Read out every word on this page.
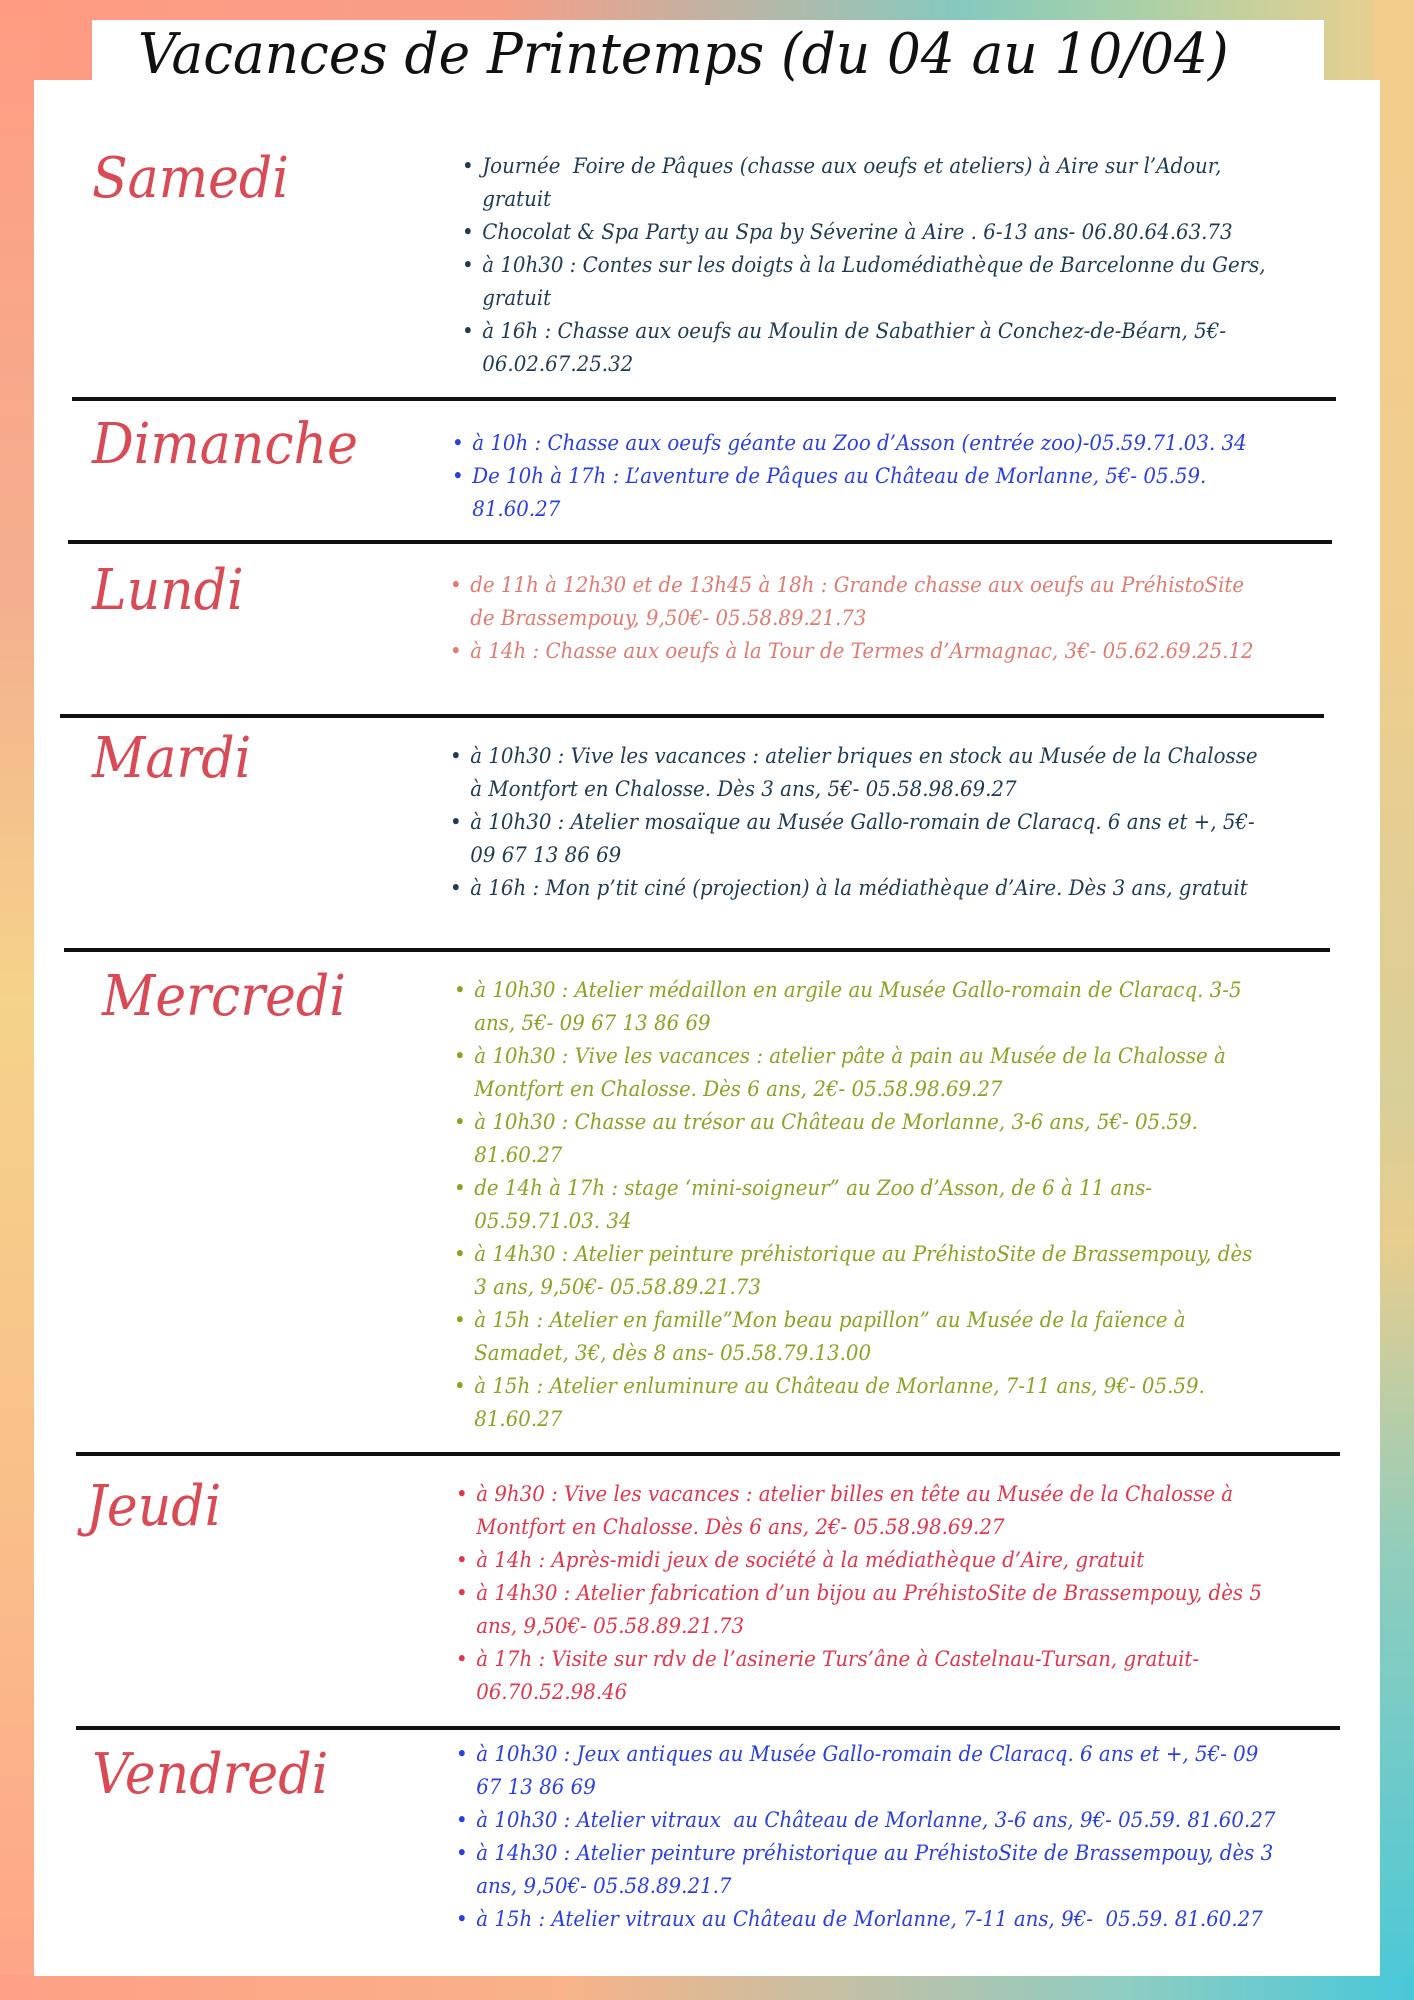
Vacances de Printemps (du 04 au 10/04)
Samedi	• Journée  Foire de Pâques (chasse aux oeufs et ateliers) à Aire sur l’Adour, gratuit
• Chocolat & Spa Party au Spa by Séverine à Aire . 6-13 ans- 06.80.64.63.73
• à 10h30 : Contes sur les doigts à la Ludomédiathèque de Barcelonne du Gers, gratuit
• à 16h : Chasse aux oeufs au Moulin de Sabathier à Conchez-de-Béarn, 5€- 06.02.67.25.32
Dimanche	• à 10h : Chasse aux oeufs géante au Zoo d’Asson (entrée zoo)-05.59.71.03. 34
• De 10h à 17h : L’aventure de Pâques au Château de Morlanne, 5€- 05.59. 81.60.27
Lundi	• de 11h à 12h30 et de 13h45 à 18h : Grande chasse aux oeufs au PréhistoSite de Brassempouy, 9,50€- 05.58.89.21.73
• à 14h : Chasse aux oeufs à la Tour de Termes d’Armagnac, 3€- 05.62.69.25.12
Mardi	• à 10h30 : Vive les vacances : atelier briques en stock au Musée de la Chalosse à Montfort en Chalosse. Dès 3 ans, 5€- 05.58.98.69.27
• à 10h30 : Atelier mosaïque au Musée Gallo-romain de Claracq. 6 ans et +, 5€- 09 67 13 86 69
• à 16h : Mon p’tit ciné (projection) à la médiathèque d’Aire. Dès 3 ans, gratuit
Mercredi	• à 10h30 : Atelier médaillon en argile au Musée Gallo-romain de Claracq. 3-5 ans, 5€- 09 67 13 86 69
• à 10h30 : Vive les vacances : atelier pâte à pain au Musée de la Chalosse à Montfort en Chalosse. Dès 6 ans, 2€- 05.58.98.69.27
• à 10h30 : Chasse au trésor au Château de Morlanne, 3-6 ans, 5€- 05.59. 81.60.27
• de 14h à 17h : stage ‘mini-soigneur” au Zoo d’Asson, de 6 à 11 ans- 05.59.71.03. 34
• à 14h30 : Atelier peinture préhistorique au PréhistoSite de Brassempouy, dès 3 ans, 9,50€- 05.58.89.21.73
• à 15h : Atelier en famille”Mon beau papillon” au Musée de la faïence à Samadet, 3€, dès 8 ans- 05.58.79.13.00
• à 15h : Atelier enluminure au Château de Morlanne, 7-11 ans, 9€- 05.59. 81.60.27
Jeudi	• à 9h30 : Vive les vacances : atelier billes en tête au Musée de la Chalosse à Montfort en Chalosse. Dès 6 ans, 2€- 05.58.98.69.27
• à 14h : Après-midi jeux de société à la médiathèque d’Aire, gratuit
• à 14h30 : Atelier fabrication d’un bijou au PréhistoSite de Brassempouy, dès 5 ans, 9,50€- 05.58.89.21.73
• à 17h : Visite sur rdv de l’asinerie Turs’âne à Castelnau-Tursan, gratuit- 06.70.52.98.46
Vendredi	• à 10h30 : Jeux antiques au Musée Gallo-romain de Claracq. 6 ans et +, 5€- 09 67 13 86 69
• à 10h30 : Atelier vitraux  au Château de Morlanne, 3-6 ans, 9€- 05.59. 81.60.27
• à 14h30 : Atelier peinture préhistorique au PréhistoSite de Brassempouy, dès 3 ans, 9,50€- 05.58.89.21.7
• à 15h : Atelier vitraux au Château de Morlanne, 7-11 ans, 9€-  05.59. 81.60.27
